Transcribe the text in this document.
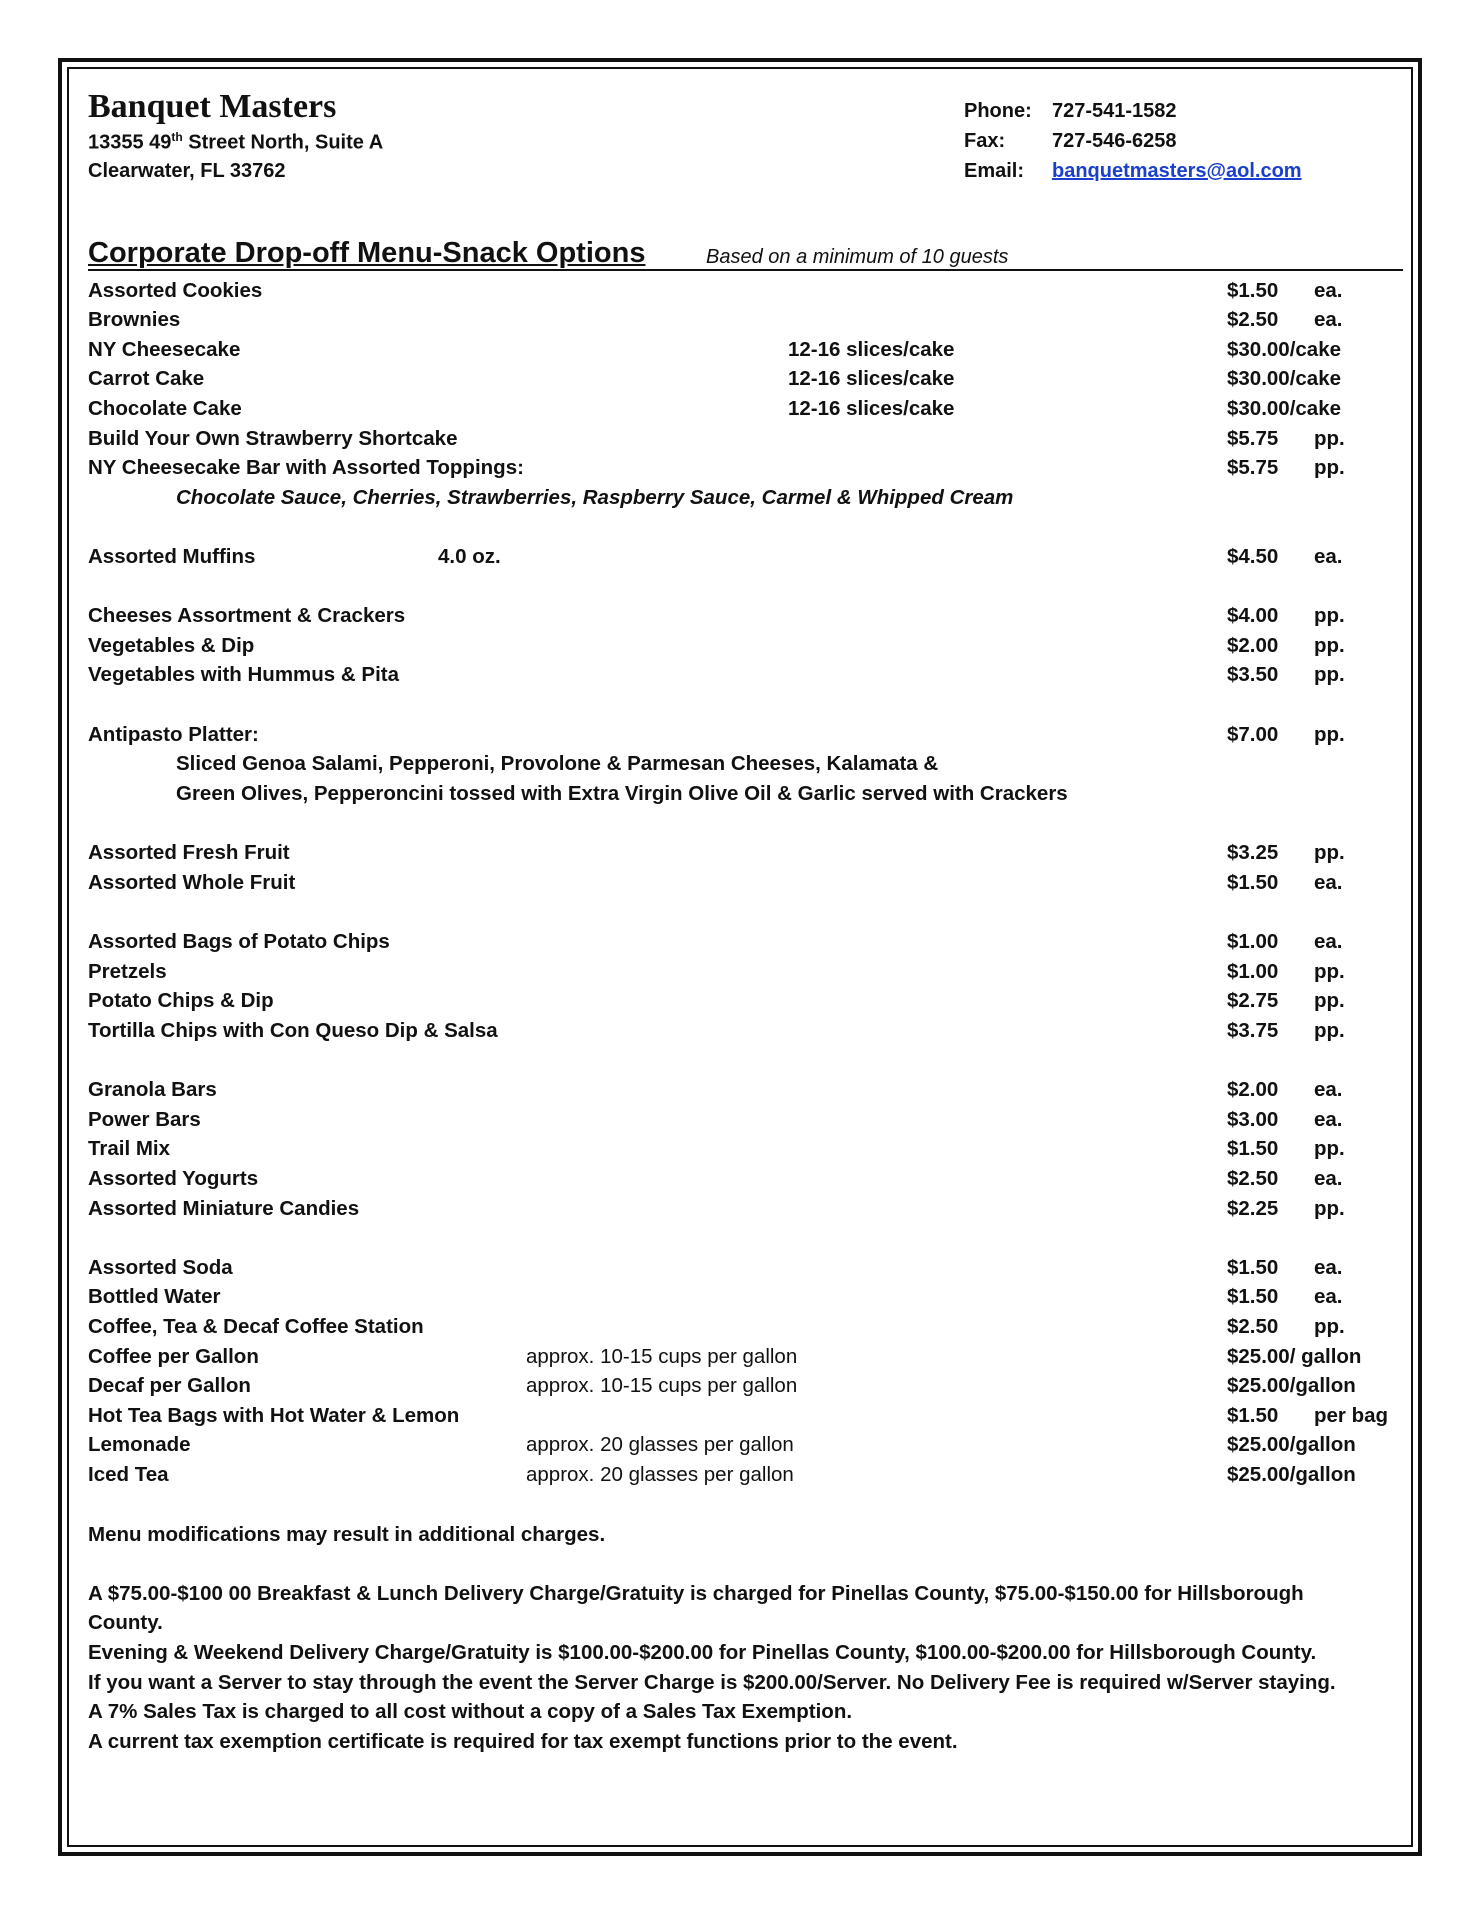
Banquet Masters
13355 49th Street North, Suite A
Clearwater, FL 33762
Phone: 727-541-1582
Fax: 727-546-6258
Email: banquetmasters@aol.com
Corporate Drop-off Menu-Snack Options	Based on a minimum of 10 guests
Assorted Cookies	$1.50 ea.
Brownies	$2.50 ea.
NY Cheesecake	12-16 slices/cake	$30.00/cake
Carrot Cake	12-16 slices/cake	$30.00/cake
Chocolate Cake	12-16 slices/cake	$30.00/cake
Build Your Own Strawberry Shortcake	$5.75 pp.
NY Cheesecake Bar with Assorted Toppings:	$5.75 pp.
Chocolate Sauce, Cherries, Strawberries, Raspberry Sauce, Carmel & Whipped Cream
Assorted Muffins	4.0 oz.	$4.50 ea.
Cheeses Assortment & Crackers	$4.00 pp.
Vegetables & Dip	$2.00 pp.
Vegetables with Hummus & Pita	$3.50 pp.
Antipasto Platter:	$7.00 pp.
Sliced Genoa Salami, Pepperoni, Provolone & Parmesan Cheeses, Kalamata &
Green Olives, Pepperoncini tossed with Extra Virgin Olive Oil & Garlic served with Crackers
Assorted Fresh Fruit	$3.25 pp.
Assorted Whole Fruit	$1.50 ea.
Assorted Bags of Potato Chips	$1.00 ea.
Pretzels	$1.00 pp.
Potato Chips & Dip	$2.75 pp.
Tortilla Chips with Con Queso Dip & Salsa	$3.75 pp.
Granola Bars	$2.00 ea.
Power Bars	$3.00 ea.
Trail Mix	$1.50 pp.
Assorted Yogurts	$2.50 ea.
Assorted Miniature Candies	$2.25 pp.
Assorted Soda	$1.50 ea.
Bottled Water	$1.50 ea.
Coffee, Tea & Decaf Coffee Station	$2.50 pp.
Coffee per Gallon	approx. 10-15 cups per gallon	$25.00/ gallon
Decaf per Gallon	approx. 10-15 cups per gallon	$25.00/gallon
Hot Tea Bags with Hot Water & Lemon	$1.50 per bag
Lemonade	approx. 20 glasses per gallon	$25.00/gallon
Iced Tea	approx. 20 glasses per gallon	$25.00/gallon
Menu modifications may result in additional charges.
A $75.00-$100 00 Breakfast & Lunch Delivery Charge/Gratuity is charged for Pinellas County, $75.00-$150.00 for Hillsborough
County.
Evening & Weekend Delivery Charge/Gratuity is $100.00-$200.00 for Pinellas County, $100.00-$200.00 for Hillsborough County.
If you want a Server to stay through the event the Server Charge is $200.00/Server. No Delivery Fee is required w/Server staying.
A 7% Sales Tax is charged to all cost without a copy of a Sales Tax Exemption.
A current tax exemption certificate is required for tax exempt functions prior to the event.
